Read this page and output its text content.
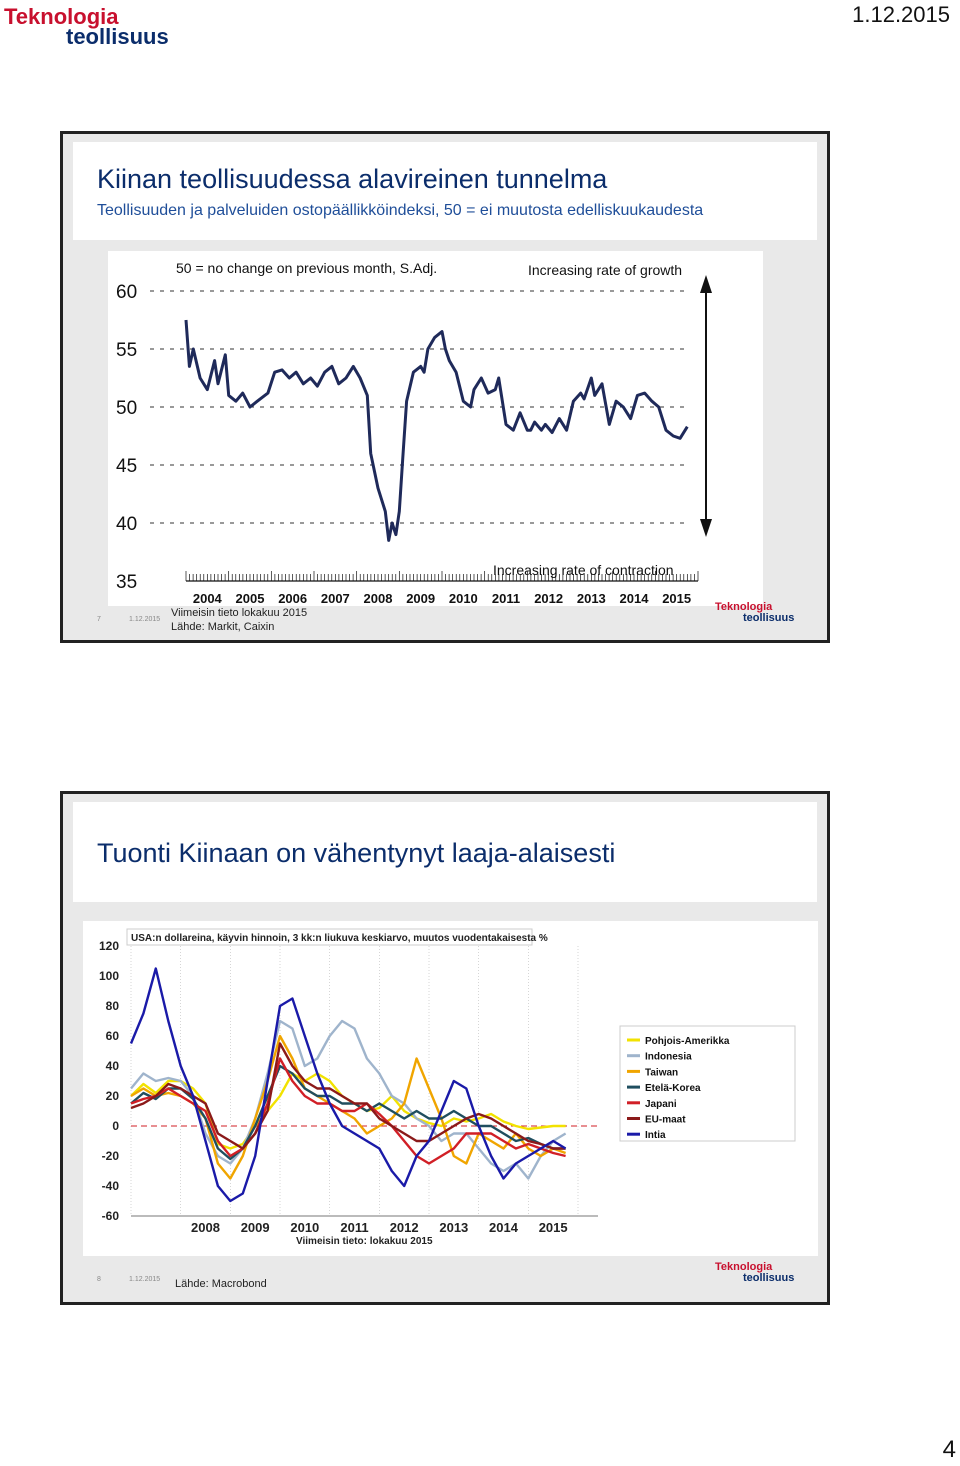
Teknologia
teollisuus
1.12.2015
Kiinan teollisuudessa alavireinen tunnelma
Teollisuuden ja palveluiden ostopäällikköindeksi, 50 = ei muutosta edelliskuukaudesta
50 = no change on previous month, S.Adj.	Increasing rate of growth
Increasing rate of contraction
60
55
50
45
40
35
2004 2005 2006 2007 2008 2009 2010 2011 2012 2013 2014 2015
7	1.12.2015
Viimeisin tieto lokakuu 2015
Lähde: Markit, Caixin
Teknologia
teollisuus
Tuonti Kiinaan on vähentynyt laaja-alaisesti
120
100
80
60
40
20
0
-20
-40
-60
2008 2009 2010 2011 2012 2013 2014 2015
USA:n dollareina, käyvin hinnoin, 3 kk:n liukuva keskiarvo, muutos vuodentakaisesta %
Viimeisin tieto: lokakuu 2015
Pohjois-Amerikka
Indonesia
Taiwan
Etelä-Korea
Japani
EU-maat
Intia
8	1.12.2015 Lähde: Macrobond
Teknologia
teollisuus
4
